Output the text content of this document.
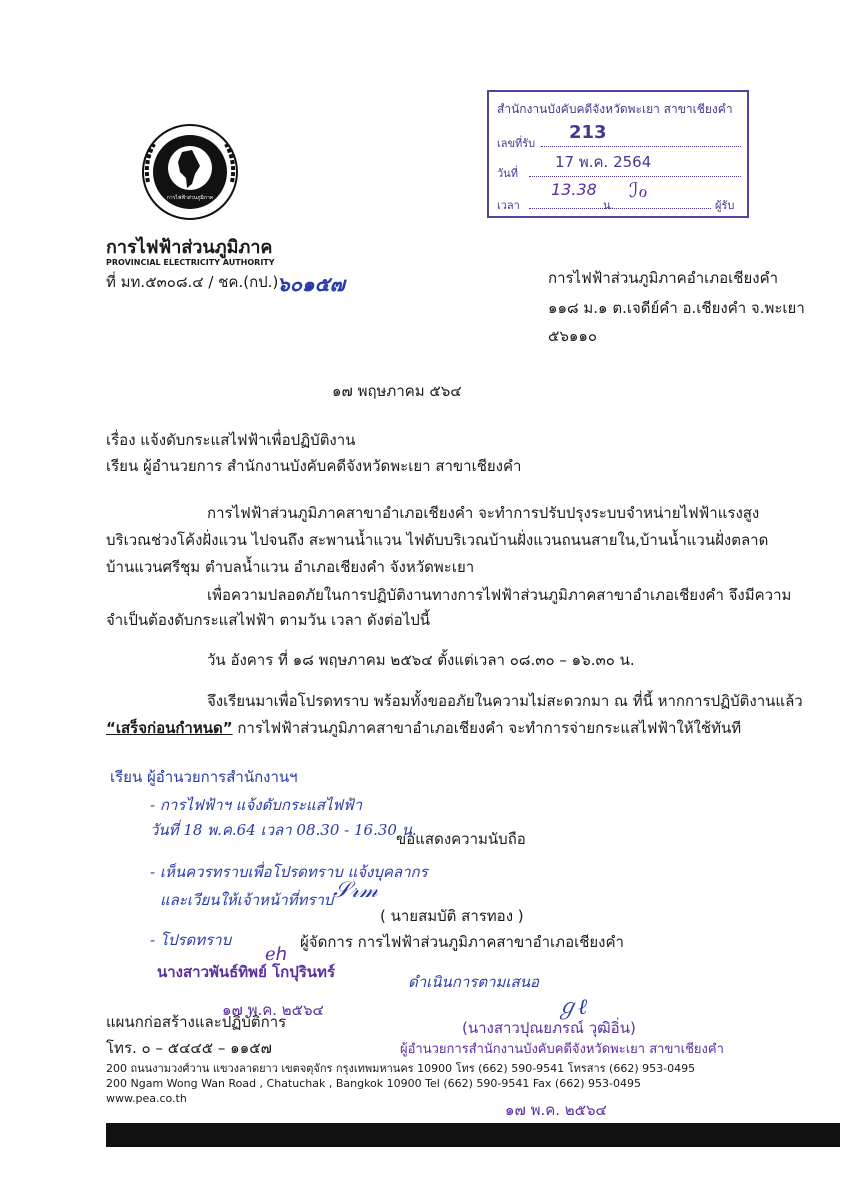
การไฟฟ้าส่วนภูมิภาค
การไฟฟ้าส่วนภูมิภาค
PROVINCIAL ELECTRICITY AUTHORITY
ที่ มท.๕๓๐๘.๔ / ชค.(กป.)
๖๐๑๕๗
สำนักงานบังคับคดีจังหวัดพะเยา สาขาเชียงคำ
เลขที่รับ
213
วันที่
17 พ.ค. 2564
เวลา
13.38
น.
ℐℴ
ผู้รับ
การไฟฟ้าส่วนภูมิภาคอำเภอเชียงคำ
๑๑๘ ม.๑ ต.เจดีย์คำ อ.เชียงคำ จ.พะเยา
๕๖๑๑๐
๑๗ พฤษภาคม ๕๖๔
เรื่อง แจ้งดับกระแสไฟฟ้าเพื่อปฏิบัติงาน
เรียน ผู้อำนวยการ สำนักงานบังคับคดีจังหวัดพะเยา สาขาเชียงคำ
การไฟฟ้าส่วนภูมิภาคสาขาอำเภอเชียงคำ จะทำการปรับปรุงระบบจำหน่ายไฟฟ้าแรงสูง
บริเวณช่วงโค้งฝั่งแวน ไปจนถึง สะพานน้ำแวน ไฟดับบริเวณบ้านฝั่งแวนถนนสายใน,บ้านน้ำแวนฝั่งตลาด
บ้านแวนศรีชุม ตำบลน้ำแวน อำเภอเชียงคำ จังหวัดพะเยา
เพื่อความปลอดภัยในการปฏิบัติงานทางการไฟฟ้าส่วนภูมิภาคสาขาอำเภอเชียงคำ จึงมีความ
จำเป็นต้องดับกระแสไฟฟ้า ตามวัน เวลา ดังต่อไปนี้
วัน อังคาร ที่ ๑๘ พฤษภาคม ๒๕๖๔ ตั้งแต่เวลา ๐๘.๓๐ – ๑๖.๓๐ น.
จึงเรียนมาเพื่อโปรดทราบ พร้อมทั้งขออภัยในความไม่สะดวกมา ณ ที่นี้ หากการปฏิบัติงานแล้ว
“เสร็จก่อนกำหนด” การไฟฟ้าส่วนภูมิภาคสาขาอำเภอเชียงคำ จะทำการจ่ายกระแสไฟฟ้าให้ใช้ทันที
เรียน ผู้อำนวยการสำนักงานฯ
- การไฟฟ้าฯ แจ้งดับกระแสไฟฟ้า
วันที่ 18 พ.ค.64 เวลา 08.30 - 16.30 น.
- เห็นควรทราบเพื่อโปรดทราบ แจ้งบุคลากร
และเวียนให้เจ้าหน้าที่ทราบ 𝒮𝓇𝓂
- โปรดทราบ
ℯℎ
นางสาวพันธ์ทิพย์ โกปุรินทร์
๑๗ พ.ค. ๒๕๖๔
ดำเนินการตามเสนอ
ℊℓ
ขอแสดงความนับถือ
( นายสมบัติ สารทอง )
ผู้จัดการ การไฟฟ้าส่วนภูมิภาคสาขาอำเภอเชียงคำ
(นางสาวปุณยภรณ์ วุฒิอิ่น)
ผู้อำนวยการสำนักงานบังคับคดีจังหวัดพะเยา สาขาเชียงคำ
แผนกก่อสร้างและปฏิบัติการ
โทร. ๐ – ๕๔๔๕ – ๑๑๕๗
200 ถนนงามวงศ์วาน แขวงลาดยาว เขตจตุจักร กรุงเทพมหานคร 10900 โทร (662) 590-9541 โทรสาร (662) 953-0495
200 Ngam Wong Wan Road , Chatuchak , Bangkok 10900 Tel (662) 590-9541 Fax (662) 953-0495
www.pea.co.th
๑๗ พ.ค. ๒๕๖๔
